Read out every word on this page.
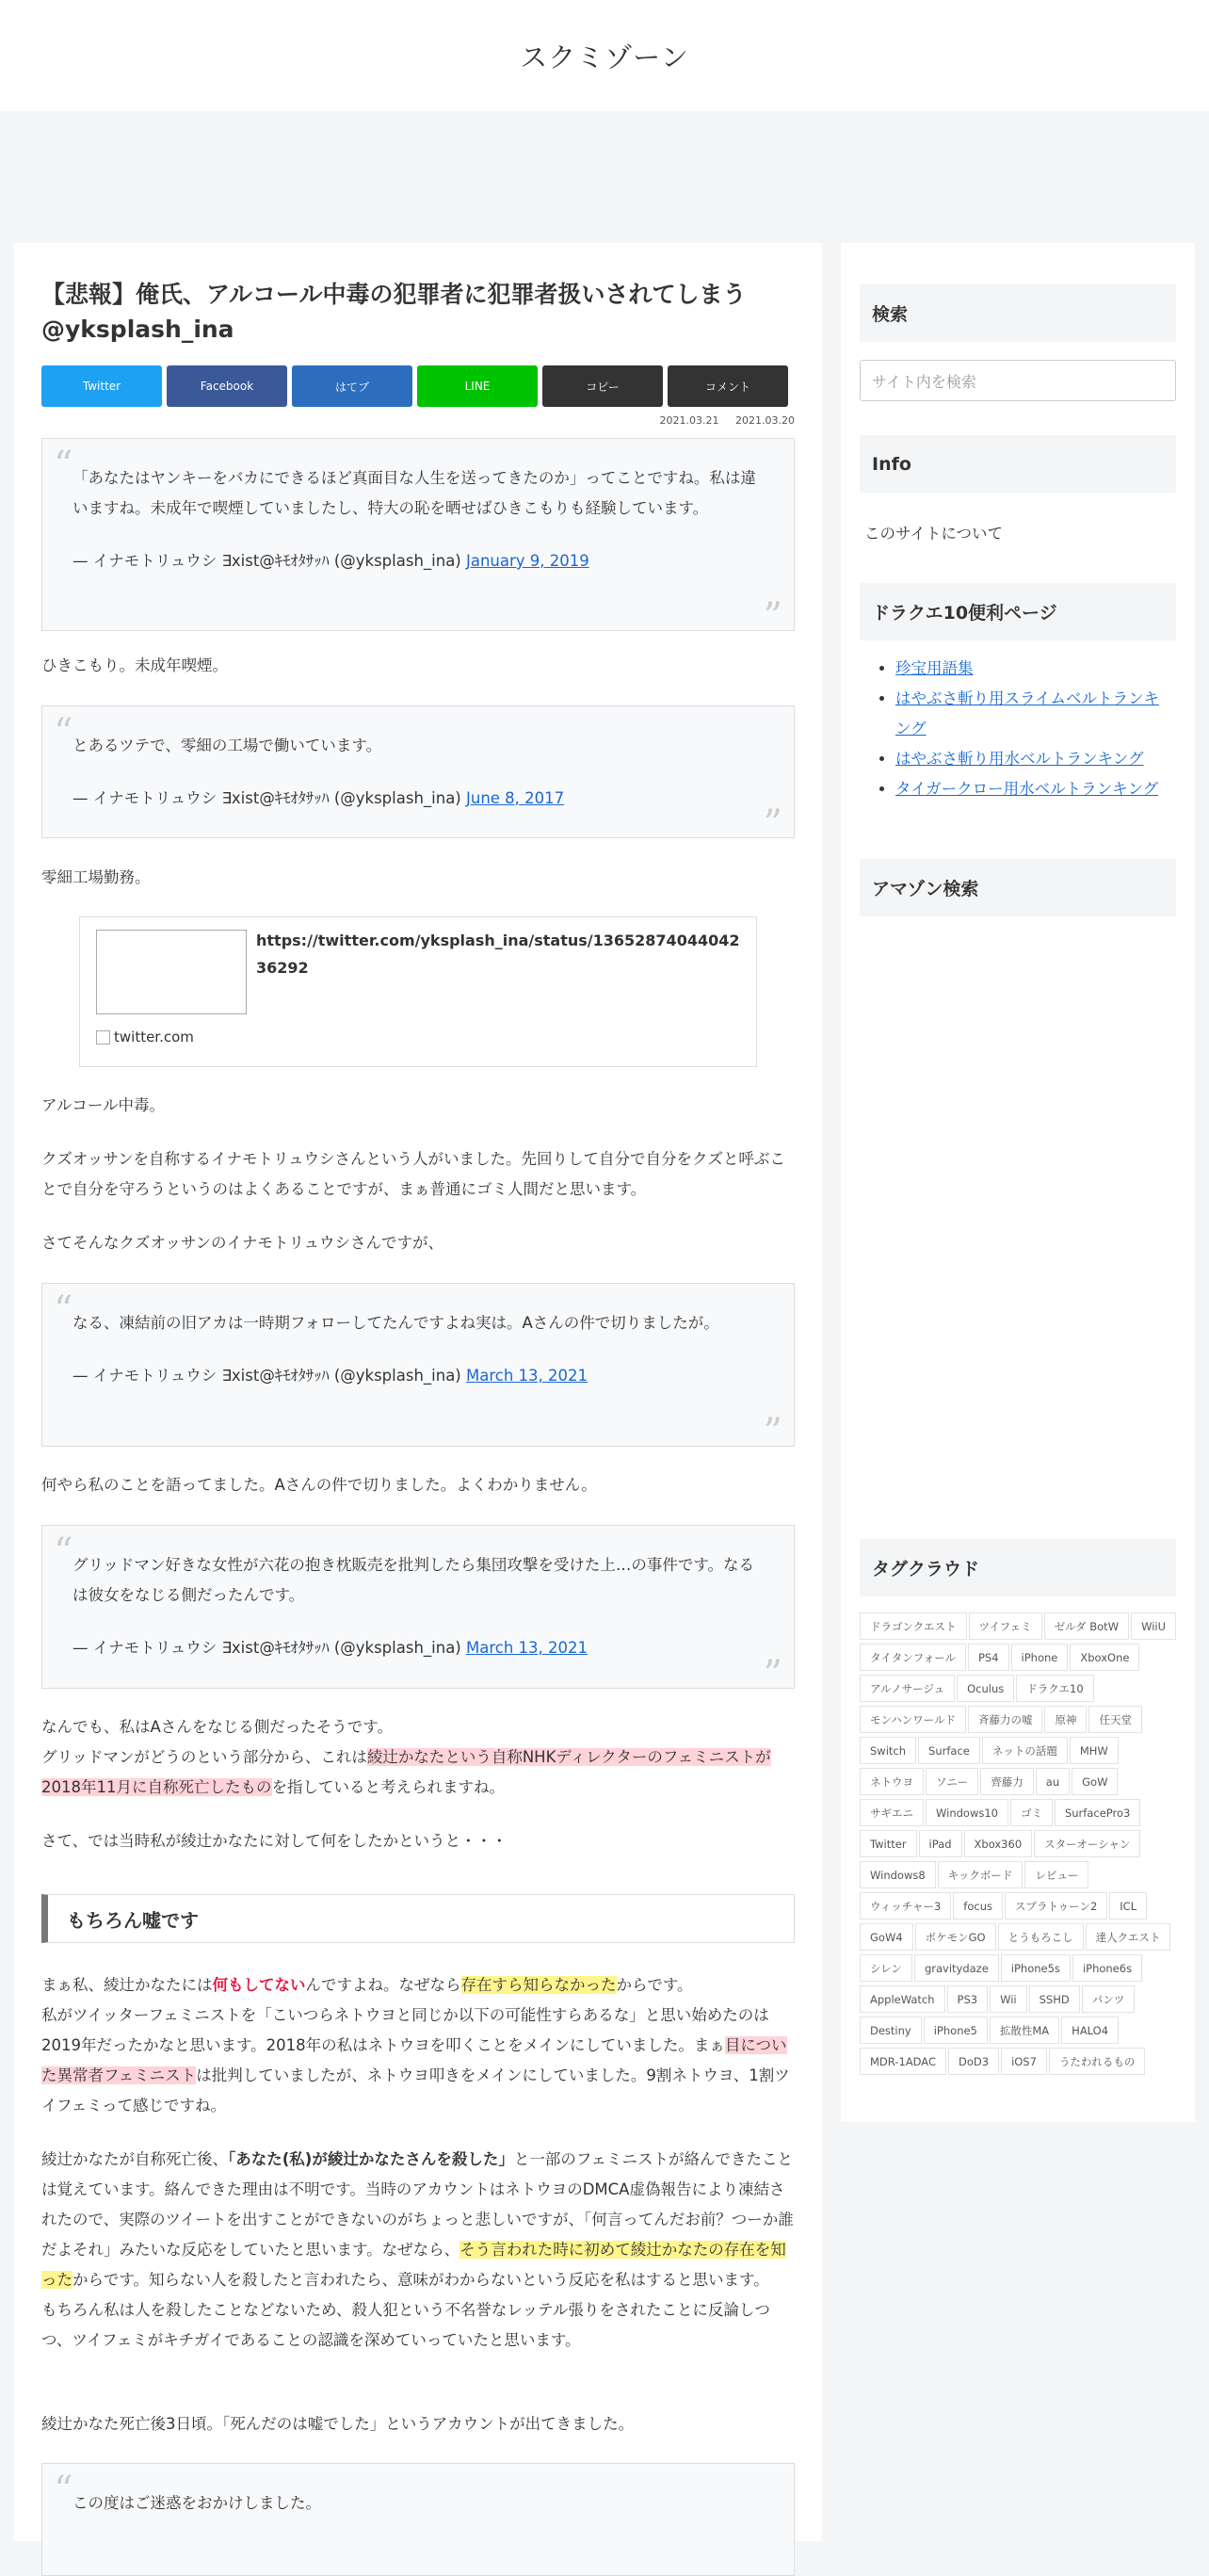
スクミゾーン
【悲報】俺氏、アルコール中毒の犯罪者に犯罪者扱いされてしまう @yksplash_ina
Twitter	Facebook	はてブ	LINE	コピー	コメント
2021.03.21 2021.03.20
“ 「あなたはヤンキーをバカにできるほど真面目な人生を送ってきたのか」ってことですね。私は違いますね。未成年で喫煙していましたし、特大の恥を晒せばひきこもりも経験しています。

— イナモトリュウシ ∃xist@ｷﾓｵﾀｻｯﾊ (@yksplash_ina) January 9, 2019

”

ひきこもり。未成年喫煙。

“ とあるツテで、零細の工場で働いています。

— イナモトリュウシ ∃xist@ｷﾓｵﾀｻｯﾊ (@yksplash_ina) June 8, 2017

”

零細工場勤務。

https://twitter.com/yksplash_ina/status/1365287404404236292
twitter.com

アルコール中毒。

クズオッサンを自称するイナモトリュウシさんという人がいました。先回りして自分で自分をクズと呼ぶことで自分を守ろうというのはよくあることですが、まぁ普通にゴミ人間だと思います。

さてそんなクズオッサンのイナモトリュウシさんですが、

“ なる、凍結前の旧アカは一時期フォローしてたんですよね実は。Aさんの件で切りましたが。

— イナモトリュウシ ∃xist@ｷﾓｵﾀｻｯﾊ (@yksplash_ina) March 13, 2021

”

何やら私のことを語ってました。Aさんの件で切りました。よくわかりません。

“ グリッドマン好きな女性が六花の抱き枕販売を批判したら集団攻撃を受けた上…の事件です。なるは彼女をなじる側だったんです。

— イナモトリュウシ ∃xist@ｷﾓｵﾀｻｯﾊ (@yksplash_ina) March 13, 2021

”

なんでも、私はAさんをなじる側だったそうです。

グリッドマンがどうのという部分から、これは綾辻かなたという自称NHKディレクターのフェミニストが2018年11月に自称死亡したものを指していると考えられますね。

さて、では当時私が綾辻かなたに対して何をしたかというと・・・

もちろん嘘です

まぁ私、綾辻かなたには何もしてないんですよね。なぜなら存在すら知らなかったからです。

私がツイッターフェミニストを「こいつらネトウヨと同じか以下の可能性すらあるな」と思い始めたのは2019年だったかなと思います。2018年の私はネトウヨを叩くことをメインにしていました。まぁ目についた異常者フェミニストは批判していましたが、ネトウヨ叩きをメインにしていました。9割ネトウヨ、1割ツイフェミって感じですね。

綾辻かなたが自称死亡後、「あなた(私)が綾辻かなたさんを殺した」と一部のフェミニストが絡んできたことは覚えています。絡んできた理由は不明です。当時のアカウントはネトウヨのDMCA虚偽報告により凍結されたので、実際のツイートを出すことができないのがちょっと悲しいですが、「何言ってんだお前？つーか誰だよそれ」みたいな反応をしていたと思います。なぜなら、そう言われた時に初めて綾辻かなたの存在を知ったからです。知らない人を殺したと言われたら、意味がわからないという反応を私はすると思います。

もちろん私は人を殺したことなどないため、殺人犯という不名誉なレッテル張りをされたことに反論しつつ、ツイフェミがキチガイであることの認識を深めていっていたと思います。

綾辻かなた死亡後3日頃。「死んだのは嘘でした」というアカウントが出てきました。

“ この度はご迷惑をおかけしました。

検索
サイト内を検索
Info
このサイトについて
ドラクエ10便利ページ
• 珍宝用語集
• はやぶさ斬り用スライムベルトランキング
• はやぶさ斬り用水ベルトランキング
• タイガークロー用水ベルトランキング
アマゾン検索
タグクラウド
ドラゴンクエスト	ツイフェミ	ゼルダ BotW	WiiU
タイタンフォール	PS4	iPhone	XboxOne
アルノサージュ	Oculus	ドラクエ10
モンハンワールド	斉藤力の嘘	原神	任天堂
Switch	Surface	ネットの話題	MHW
ネトウヨ	ソニー	齊藤力	au	GoW
サギエニ	Windows10	ゴミ	SurfacePro3
Twitter	iPad	Xbox360	スターオーシャン
Windows8	キックボード	レビュー
ウィッチャー3	focus	スプラトゥーン2	ICL
GoW4	ポケモンGO	とうもろこし	達人クエスト
シレン	gravitydaze	iPhone5s	iPhone6s
AppleWatch	PS3	Wii	SSHD	パンツ
Destiny	iPhone5	拡散性MA	HALO4
MDR-1ADAC	DoD3	iOS7	うたわれるもの
